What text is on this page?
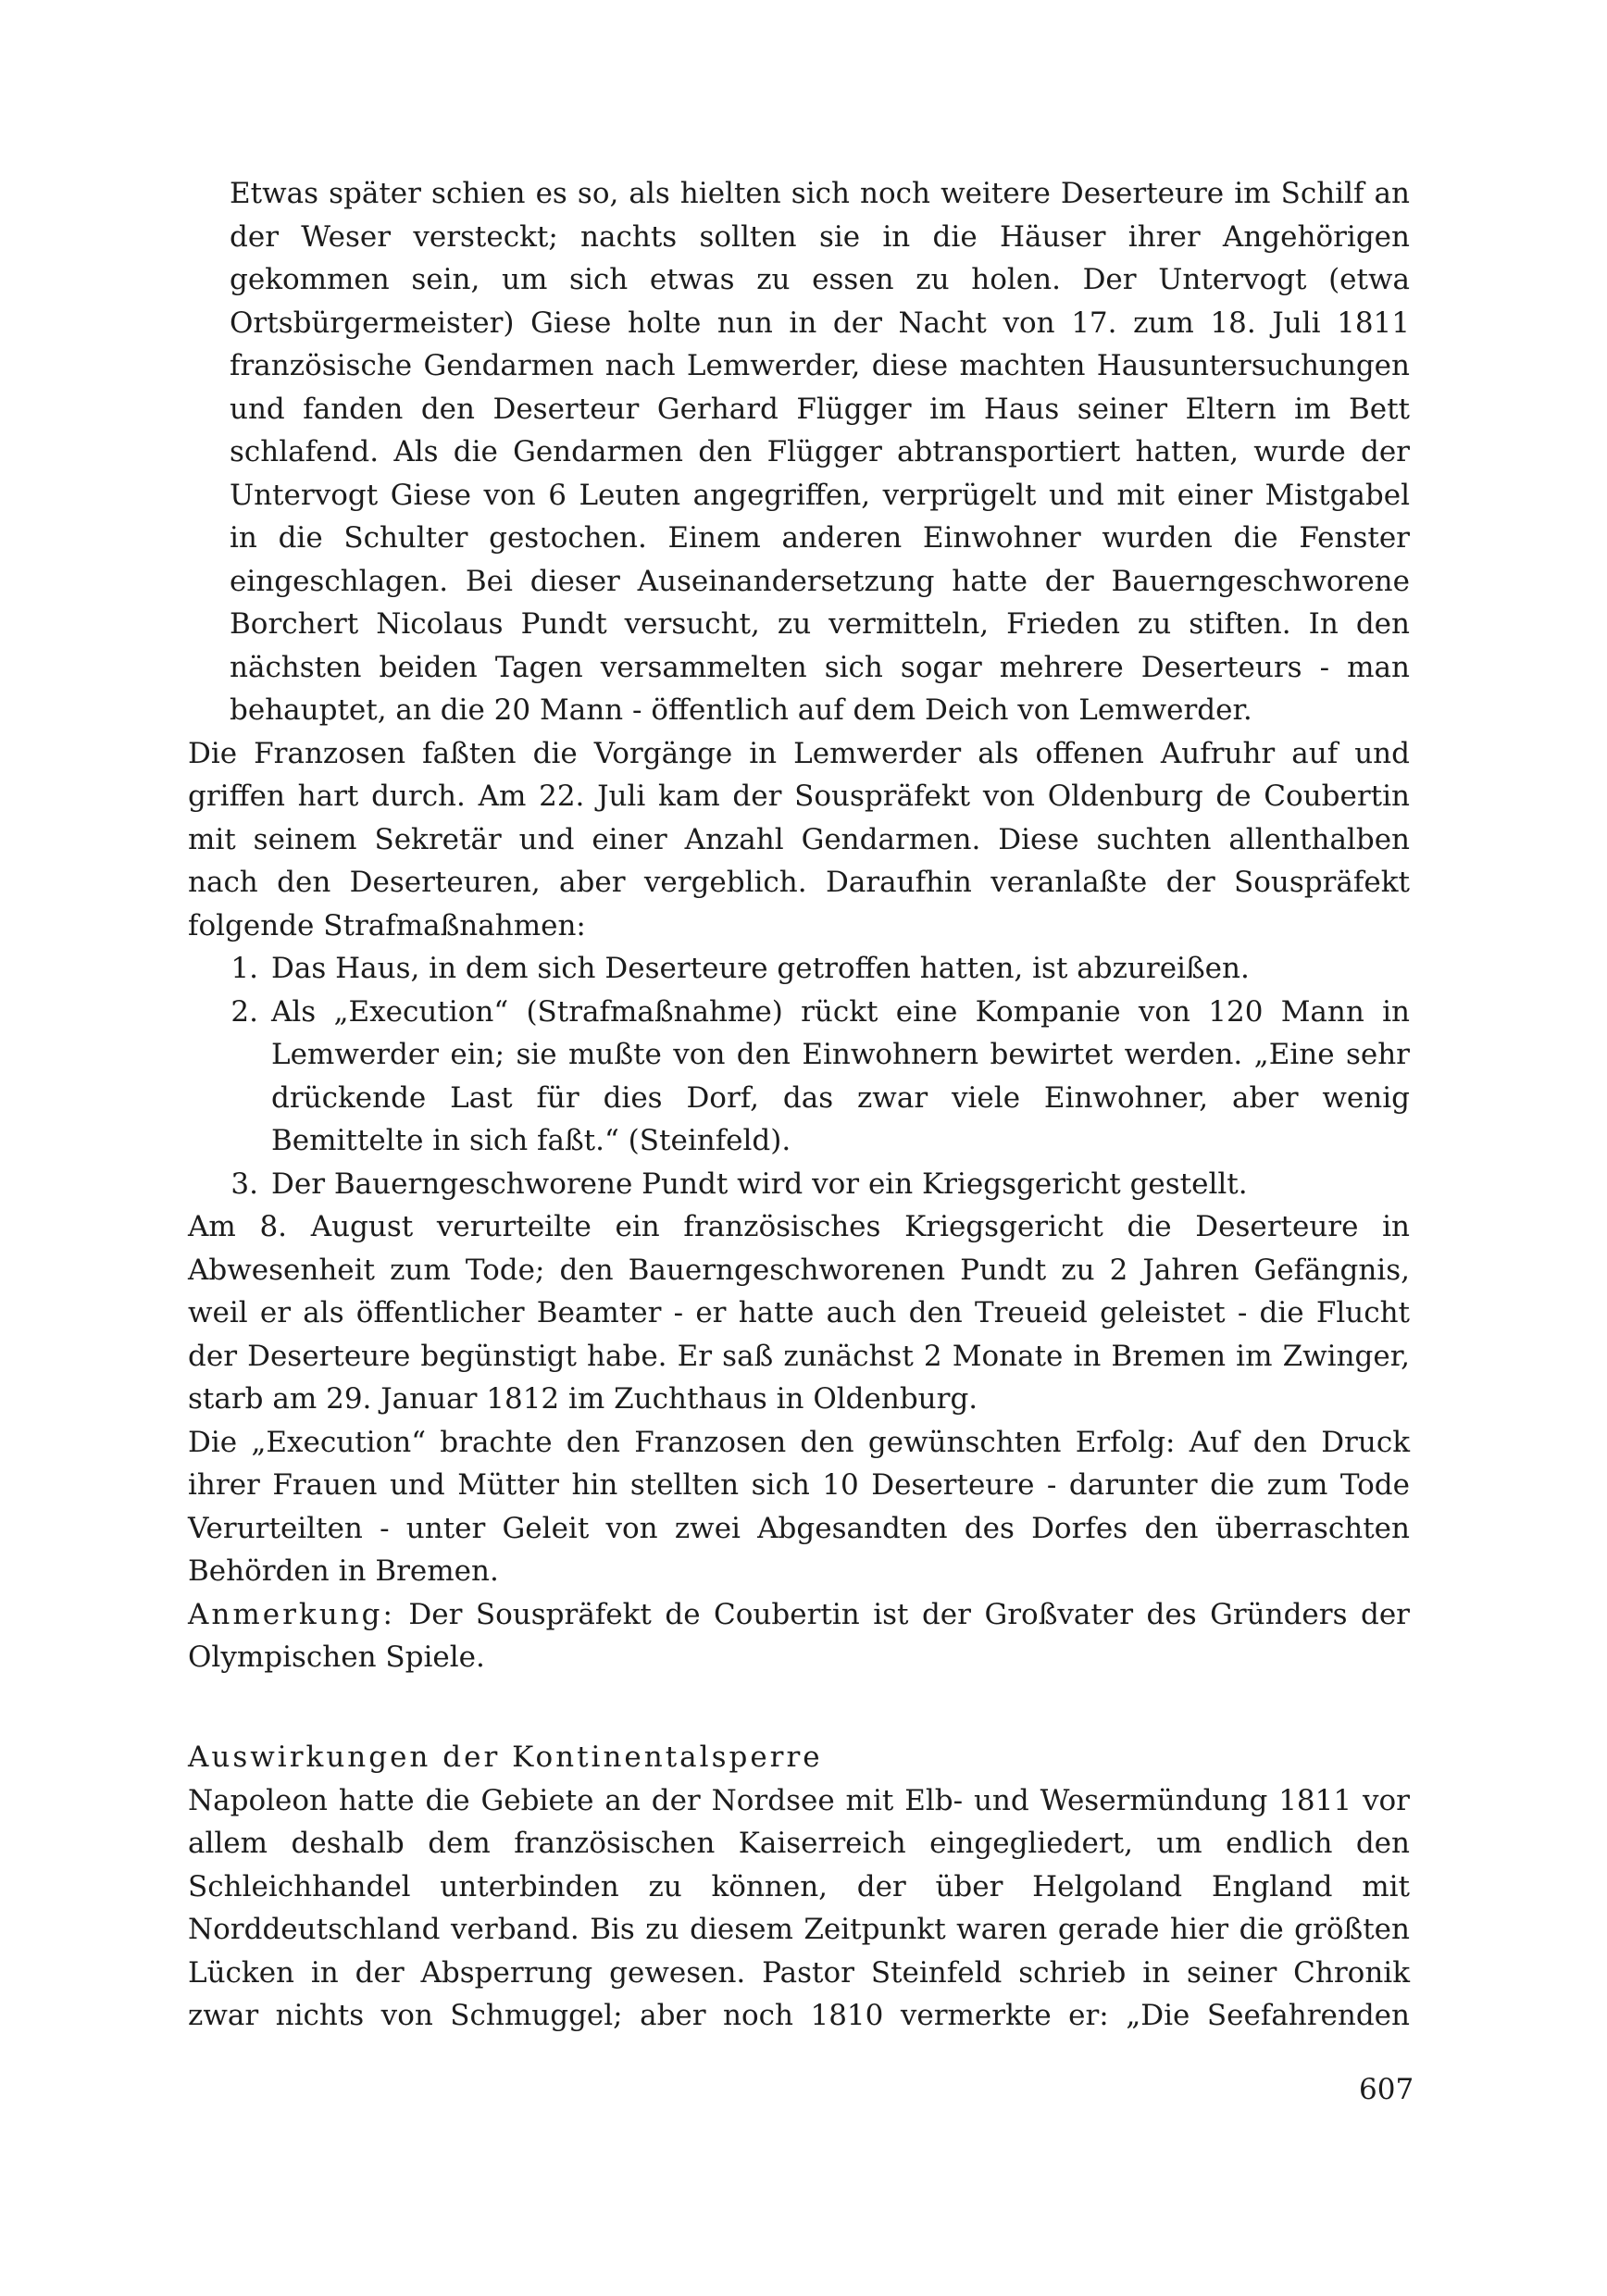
Etwas später schien es so, als hielten sich noch weitere Deserteure im Schilf an der Weser versteckt; nachts sollten sie in die Häuser ihrer Angehörigen gekommen sein, um sich etwas zu essen zu holen. Der Untervogt (etwa Ortsbürgermeister) Giese holte nun in der Nacht von 17. zum 18. Juli 1811 französische Gendarmen nach Lemwerder, diese machten Hausuntersuchungen und fanden den Deserteur Gerhard Flügger im Haus seiner Eltern im Bett schlafend. Als die Gendarmen den Flügger abtransportiert hatten, wurde der Untervogt Giese von 6 Leuten angegriffen, verprügelt und mit einer Mistgabel in die Schulter gestochen. Einem anderen Einwohner wurden die Fenster eingeschlagen. Bei dieser Auseinandersetzung hatte der Bauerngeschworene Borchert Nicolaus Pundt versucht, zu vermitteln, Frieden zu stiften. In den nächsten beiden Tagen versammelten sich sogar mehrere Deserteurs - man behauptet, an die 20 Mann - öffentlich auf dem Deich von Lemwerder.

Die Franzosen faßten die Vorgänge in Lemwerder als offenen Aufruhr auf und griffen hart durch. Am 22. Juli kam der Souspräfekt von Oldenburg de Coubertin mit seinem Sekretär und einer Anzahl Gendarmen. Diese suchten allenthalben nach den Deserteuren, aber vergeblich. Daraufhin veranlaßte der Souspräfekt folgende Strafmaßnahmen:

1. Das Haus, in dem sich Deserteure getroffen hatten, ist abzureißen.
2. Als „Execution“ (Strafmaßnahme) rückt eine Kompanie von 120 Mann in Lemwerder ein; sie mußte von den Einwohnern bewirtet werden. „Eine sehr drückende Last für dies Dorf, das zwar viele Einwohner, aber wenig Bemittelte in sich faßt.“ (Steinfeld).
3. Der Bauerngeschworene Pundt wird vor ein Kriegsgericht gestellt.

Am 8. August verurteilte ein französisches Kriegsgericht die Deserteure in Abwesenheit zum Tode; den Bauerngeschworenen Pundt zu 2 Jahren Gefängnis, weil er als öffentlicher Beamter - er hatte auch den Treueid geleistet - die Flucht der Deserteure begünstigt habe. Er saß zunächst 2 Monate in Bremen im Zwinger, starb am 29. Januar 1812 im Zuchthaus in Oldenburg.

Die „Execution“ brachte den Franzosen den gewünschten Erfolg: Auf den Druck ihrer Frauen und Mütter hin stellten sich 10 Deserteure - darunter die zum Tode Verurteilten - unter Geleit von zwei Abgesandten des Dorfes den überraschten Behörden in Bremen.

Anmerkung: Der Souspräfekt de Coubertin ist der Großvater des Gründers der Olympischen Spiele.

Auswirkungen der Kontinentalsperre

Napoleon hatte die Gebiete an der Nordsee mit Elb- und Wesermündung 1811 vor allem deshalb dem französischen Kaiserreich eingegliedert, um endlich den Schleichhandel unterbinden zu können, der über Helgoland England mit Norddeutschland verband. Bis zu diesem Zeitpunkt waren gerade hier die größten Lücken in der Absperrung gewesen. Pastor Steinfeld schrieb in seiner Chronik zwar nichts von Schmuggel; aber noch 1810 vermerkte er: „Die Seefahrenden

607
